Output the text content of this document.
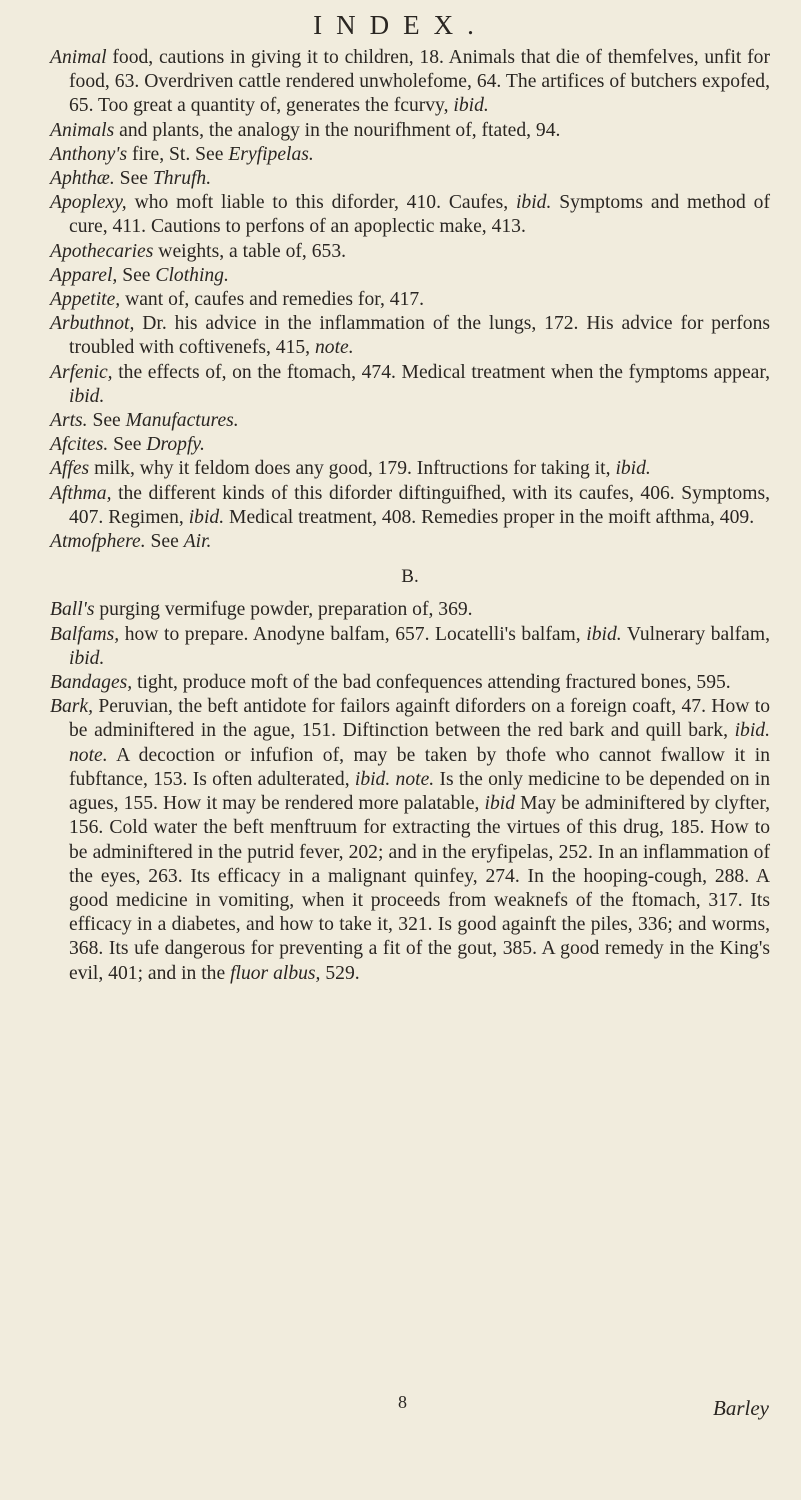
INDEX.

Animal food, cautions in giving it to children, 18. Animals that die of themfelves, unfit for food, 63. Overdriven cattle rendered unwholefome, 64. The artifices of butchers expofed, 65. Too great a quantity of, generates the fcurvy, ibid.

Animals and plants, the analogy in the nourifhment of, ftated, 94.

Anthony's fire, St. See Eryfipelas.

Aphthæ. See Thrufh.

Apoplexy, who moft liable to this diforder, 410. Caufes, ibid. Symptoms and method of cure, 411. Cautions to perfons of an apoplectic make, 413.

Apothecaries weights, a table of, 653.

Apparel, See Clothing.

Appetite, want of, caufes and remedies for, 417.

Arbuthnot, Dr. his advice in the inflammation of the lungs, 172. His advice for perfons troubled with coftivenefs, 415, note.

Arfenic, the effects of, on the ftomach, 474. Medical treatment when the fymptoms appear, ibid.

Arts. See Manufactures.

Afcites. See Dropfy.

Affes milk, why it feldom does any good, 179. Inftructions for taking it, ibid.

Afthma, the different kinds of this diforder diftinguifhed, with its caufes, 406. Symptoms, 407. Regimen, ibid. Medical treatment, 408. Remedies proper in the moift afthma, 409.

Atmofphere. See Air.

B.

Ball's purging vermifuge powder, preparation of, 369.

Balfams, how to prepare. Anodyne balfam, 657. Locatelli's balfam, ibid. Vulnerary balfam, ibid.

Bandages, tight, produce moft of the bad confequences attending fractured bones, 595.

Bark, Peruvian, the beft antidote for failors againft diforders on a foreign coaft, 47. How to be adminiftered in the ague, 151. Diftinction between the red bark and quill bark, ibid. note. A decoction or infufion of, may be taken by thofe who cannot fwallow it in fubftance, 153. Is often adulterated, ibid. note. Is the only medicine to be depended on in agues, 155. How it may be rendered more palatable, ibid May be adminiftered by clyfter, 156. Cold water the beft menftruum for extracting the virtues of this drug, 185. How to be adminiftered in the putrid fever, 202; and in the eryfipelas, 252. In an inflammation of the eyes, 263. Its efficacy in a malignant quinfey, 274. In the hooping-cough, 288. A good medicine in vomiting, when it proceeds from weaknefs of the ftomach, 317. Its efficacy in a diabetes, and how to take it, 321. Is good againft the piles, 336; and worms, 368. Its ufe dangerous for preventing a fit of the gout, 385. A good remedy in the King's evil, 401; and in the fluor albus, 529.

8	Barley
